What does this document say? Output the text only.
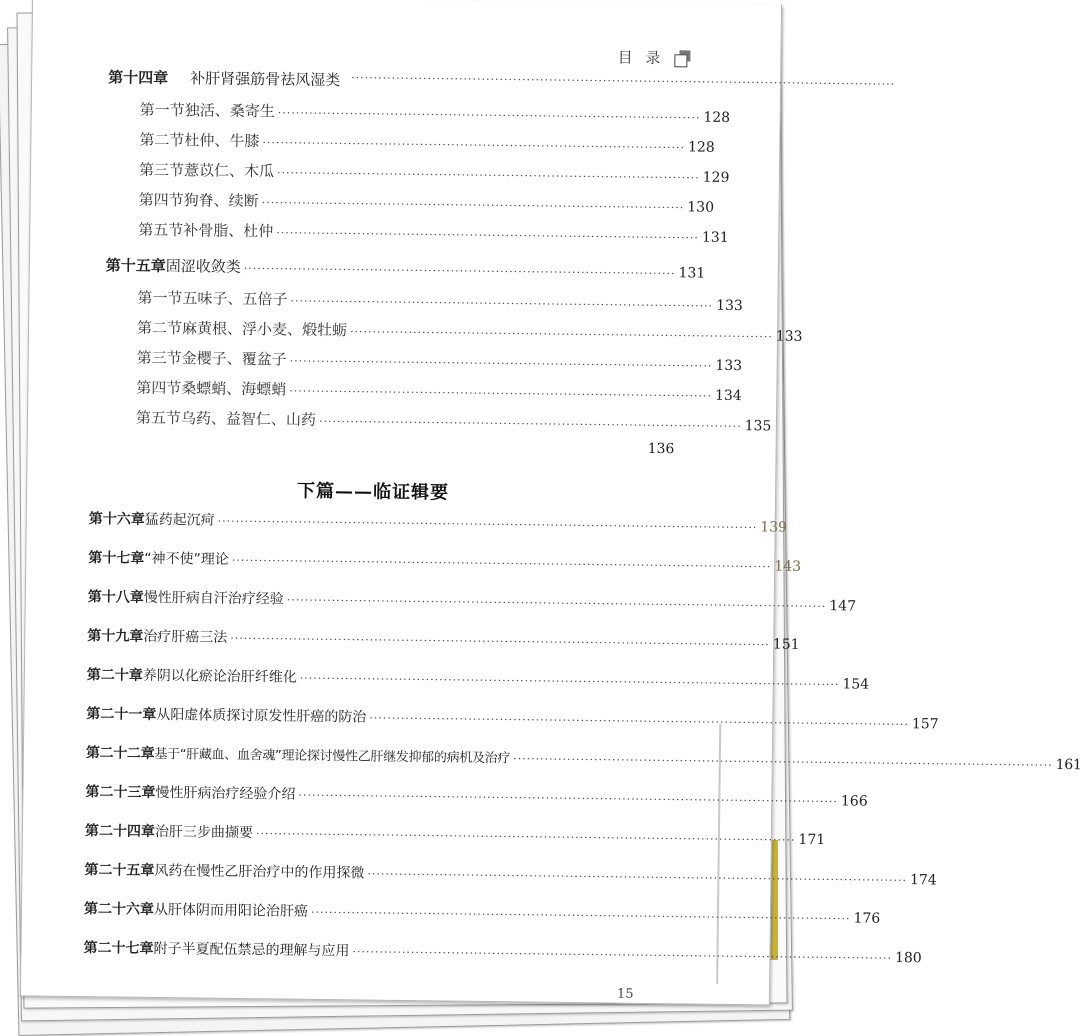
目 录
第十四章	补肝肾强筋骨祛风湿类 ·························································································································
第一节 独活、桑寄生 ······························································································ 128
第二节 杜仲、牛膝 ······························································································ 128
第三节 薏苡仁、木瓜 ······························································································ 129
第四节 狗脊、续断 ······························································································ 130
第五节 补骨脂、杜仲 ······························································································ 131
第十五章 固涩收敛类 ································································································ 131
第一节 五味子、五倍子 ······························································································ 133
第二节 麻黄根、浮小麦、煅牡蛎 ······························································································ 133
第三节 金樱子、覆盆子 ······························································································ 133
第四节 桑螵蛸、海螵蛸 ······························································································ 134
第五节 乌药、益智仁、山药 ······························································································ 135
136
下篇——临证辑要
第十六章 猛药起沉疴 ························································································································ 139
第十七章 “神不使”理论 ························································································································ 143
第十八章 慢性肝病自汗治疗经验 ························································································································ 147
第十九章 治疗肝癌三法 ························································································································ 151
第二十章 养阴以化瘀论治肝纤维化 ························································································································ 154
第二十一章 从阳虚体质探讨原发性肝癌的防治 ························································································································ 157
第二十二章 基于“肝藏血、血舍魂”理论探讨慢性乙肝继发抑郁的病机及治疗 ························································································································ 161
第二十三章 慢性肝病治疗经验介绍 ························································································································ 166
第二十四章 治肝三步曲撷要 ························································································································ 171
第二十五章 风药在慢性乙肝治疗中的作用探微 ························································································································ 174
第二十六章 从肝体阴而用阳论治肝癌 ························································································································ 176
第二十七章 附子半夏配伍禁忌的理解与应用 ························································································································ 180
15
